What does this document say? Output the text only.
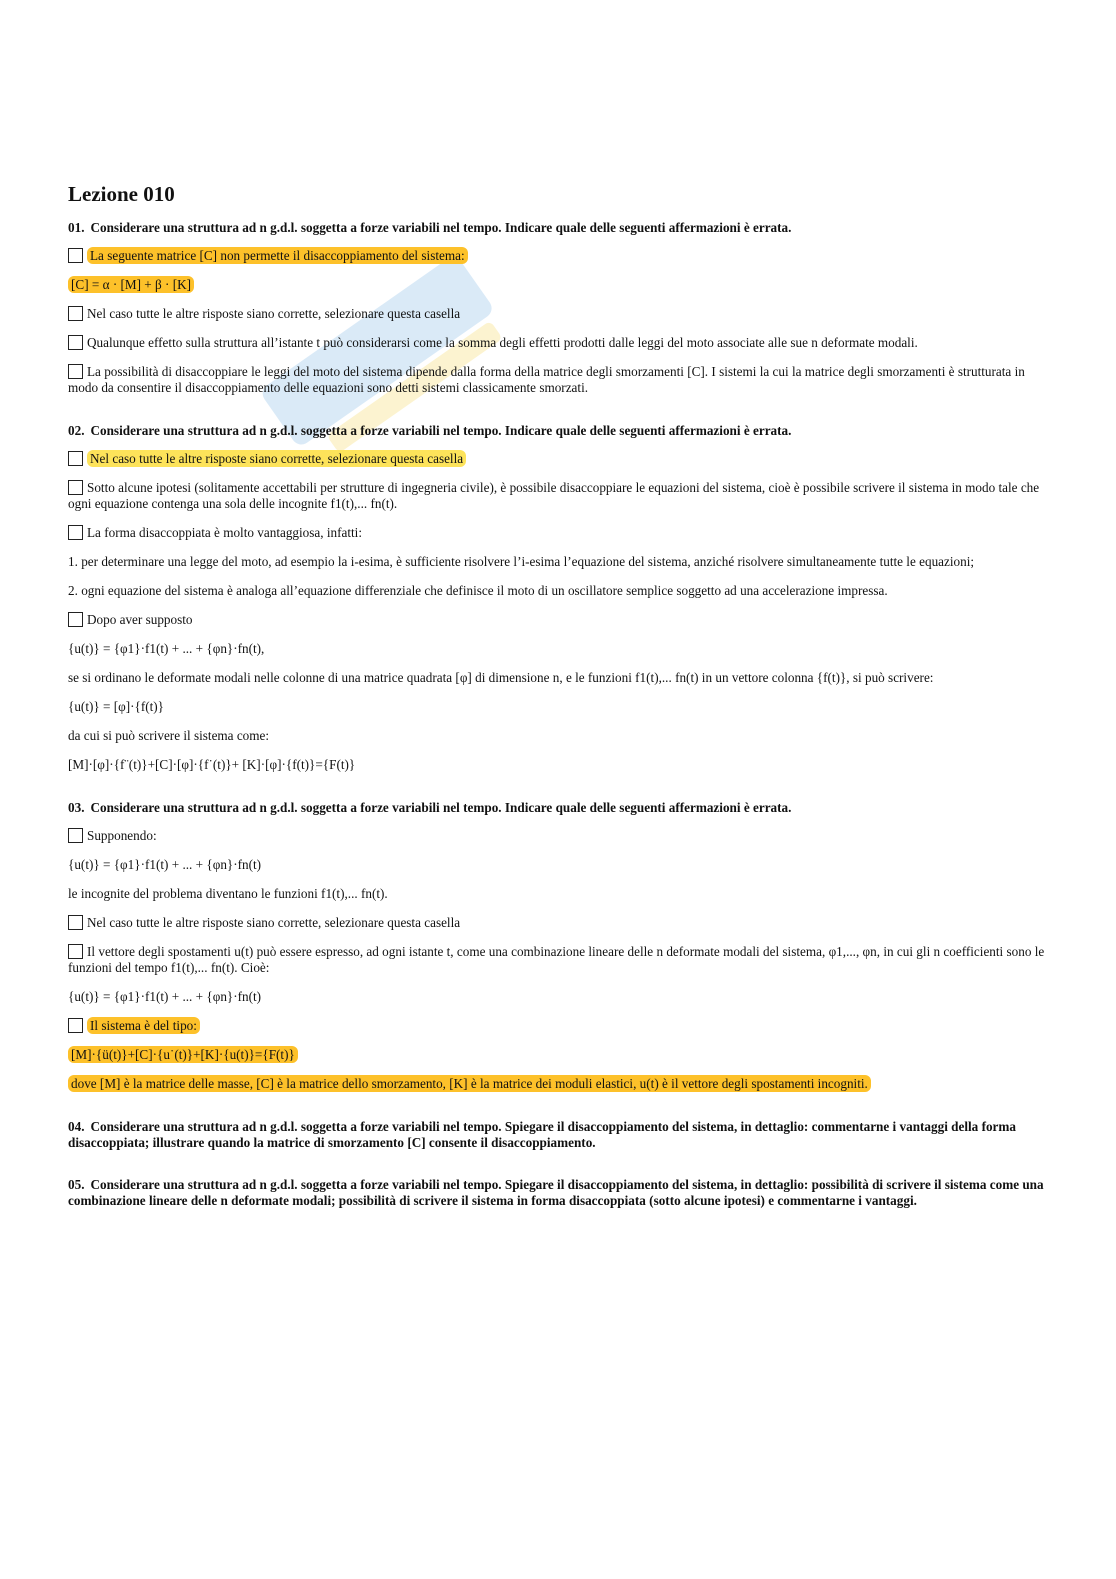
Lezione 010
01. Considerare una struttura ad n g.d.l. soggetta a forze variabili nel tempo. Indicare quale delle seguenti affermazioni è errata.
La seguente matrice [C] non permette il disaccoppiamento del sistema:
[C] = α · [M] + β · [K]
Nel caso tutte le altre risposte siano corrette, selezionare questa casella
Qualunque effetto sulla struttura all’istante t può considerarsi come la somma degli effetti prodotti dalle leggi del moto associate alle sue n deformate modali.
La possibilità di disaccoppiare le leggi del moto del sistema dipende dalla forma della matrice degli smorzamenti [C]. I sistemi la cui la matrice degli smorzamenti è strutturata in modo da consentire il disaccoppiamento delle equazioni sono detti sistemi classicamente smorzati.
02. Considerare una struttura ad n g.d.l. soggetta a forze variabili nel tempo. Indicare quale delle seguenti affermazioni è errata.
Nel caso tutte le altre risposte siano corrette, selezionare questa casella
Sotto alcune ipotesi (solitamente accettabili per strutture di ingegneria civile), è possibile disaccoppiare le equazioni del sistema, cioè è possibile scrivere il sistema in modo tale che ogni equazione contenga una sola delle incognite f1(t),... fn(t).
La forma disaccoppiata è molto vantaggiosa, infatti:
1. per determinare una legge del moto, ad esempio la i-esima, è sufficiente risolvere l’i-esima l’equazione del sistema, anziché risolvere simultaneamente tutte le equazioni;
2. ogni equazione del sistema è analoga all’equazione differenziale che definisce il moto di un oscillatore semplice soggetto ad una accelerazione impressa.
Dopo aver supposto
{u(t)} = {φ1}·f1(t) + ... + {φn}·fn(t),
se si ordinano le deformate modali nelle colonne di una matrice quadrata [φ] di dimensione n, e le funzioni f1(t),... fn(t) in un vettore colonna {f(t)}, si può scrivere:
{u(t)} = [φ]·{f(t)}
da cui si può scrivere il sistema come:
[M]·[φ]·{f¨(t)}+[C]·[φ]·{f˙(t)}+ [K]·[φ]·{f(t)}={F(t)}
03. Considerare una struttura ad n g.d.l. soggetta a forze variabili nel tempo. Indicare quale delle seguenti affermazioni è errata.
Supponendo:
{u(t)} = {φ1}·f1(t) + ... + {φn}·fn(t)
le incognite del problema diventano le funzioni f1(t),... fn(t).
Nel caso tutte le altre risposte siano corrette, selezionare questa casella
Il vettore degli spostamenti u(t) può essere espresso, ad ogni istante t, come una combinazione lineare delle n deformate modali del sistema, φ1,..., φn, in cui gli n coefficienti sono le funzioni del tempo f1(t),... fn(t). Cioè:
{u(t)} = {φ1}·f1(t) + ... + {φn}·fn(t)
Il sistema è del tipo:
[M]·{ü(t)}+[C]·{u˙(t)}+[K]·{u(t)}={F(t)}
dove [M] è la matrice delle masse, [C] è la matrice dello smorzamento, [K] è la matrice dei moduli elastici, u(t) è il vettore degli spostamenti incogniti.
04. Considerare una struttura ad n g.d.l. soggetta a forze variabili nel tempo. Spiegare il disaccoppiamento del sistema, in dettaglio: commentarne i vantaggi della forma disaccoppiata; illustrare quando la matrice di smorzamento [C] consente il disaccoppiamento.
05. Considerare una struttura ad n g.d.l. soggetta a forze variabili nel tempo. Spiegare il disaccoppiamento del sistema, in dettaglio: possibilità di scrivere il sistema come una combinazione lineare delle n deformate modali; possibilità di scrivere il sistema in forma disaccoppiata (sotto alcune ipotesi) e commentarne i vantaggi.
